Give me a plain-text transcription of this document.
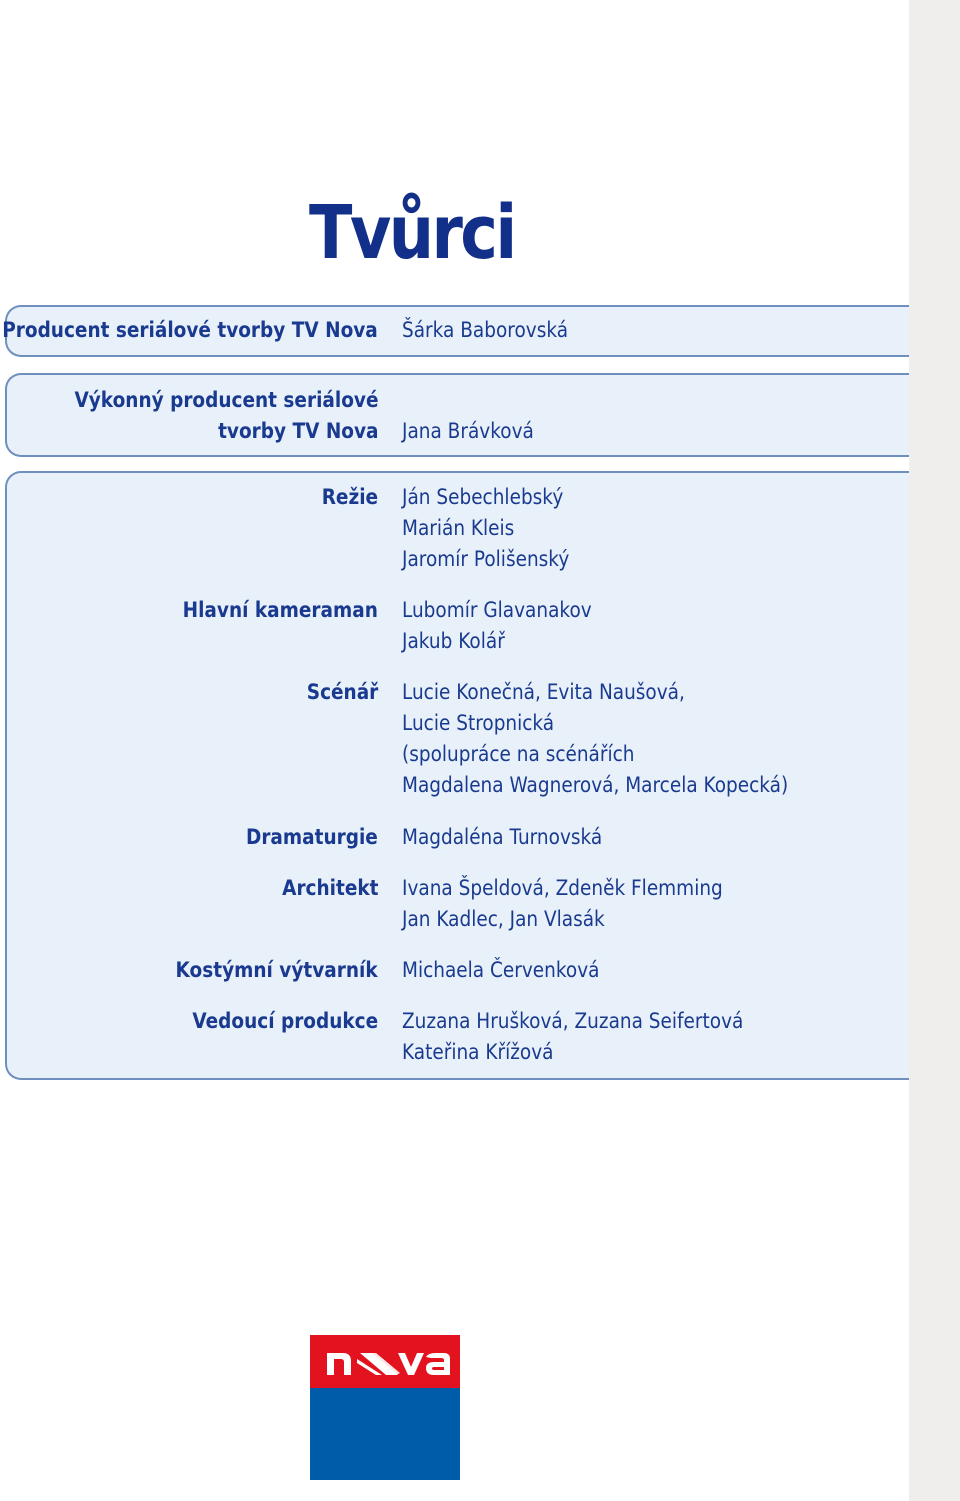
Tvůrci
Producent seriálové tvorby TV Nova Šárka Baborovská
Výkonný producent seriálové
tvorby TV Nova Jana Brávková
Režie Ján Sebechlebský
Marián Kleis
Jaromír Polišenský
Hlavní kameraman Lubomír Glavanakov
Jakub Kolář
Scénář Lucie Konečná, Evita Naušová,
Lucie Stropnická
(spolupráce na scénářích
Magdalena Wagnerová, Marcela Kopecká)
Dramaturgie Magdaléna Turnovská
Architekt Ivana Špeldová, Zdeněk Flemming
Jan Kadlec, Jan Vlasák
Kostýmní výtvarník Michaela Červenková
Vedoucí produkce Zuzana Hrušková, Zuzana Seifertová
Kateřina Křížová
